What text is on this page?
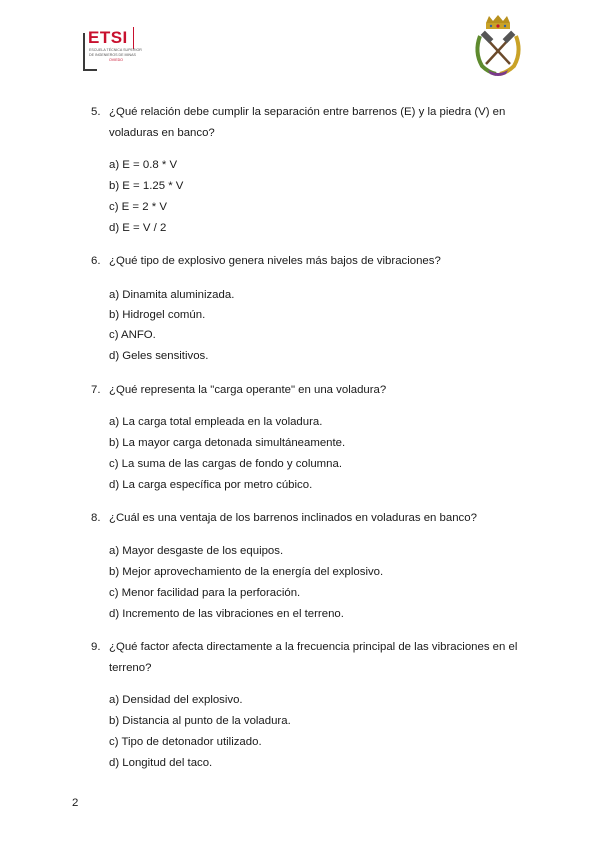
ETSI
ESCUELA TÉCNICA SUPERIOR
DE INGENIEROS DE MINAS
OVIEDO
5. ¿Qué relación debe cumplir la separación entre barrenos (E) y la piedra (V) en voladuras en banco?
a) E = 0.8 * V
b) E = 1.25 * V
c) E = 2 * V
d) E = V / 2
6. ¿Qué tipo de explosivo genera niveles más bajos de vibraciones?
a) Dinamita aluminizada.
b) Hidrogel común.
c) ANFO.
d) Geles sensitivos.
7. ¿Qué representa la "carga operante" en una voladura?
a) La carga total empleada en la voladura.
b) La mayor carga detonada simultáneamente.
c) La suma de las cargas de fondo y columna.
d) La carga específica por metro cúbico.
8. ¿Cuál es una ventaja de los barrenos inclinados en voladuras en banco?
a) Mayor desgaste de los equipos.
b) Mejor aprovechamiento de la energía del explosivo.
c) Menor facilidad para la perforación.
d) Incremento de las vibraciones en el terreno.
9. ¿Qué factor afecta directamente a la frecuencia principal de las vibraciones en el terreno?
a) Densidad del explosivo.
b) Distancia al punto de la voladura.
c) Tipo de detonador utilizado.
d) Longitud del taco.
2
